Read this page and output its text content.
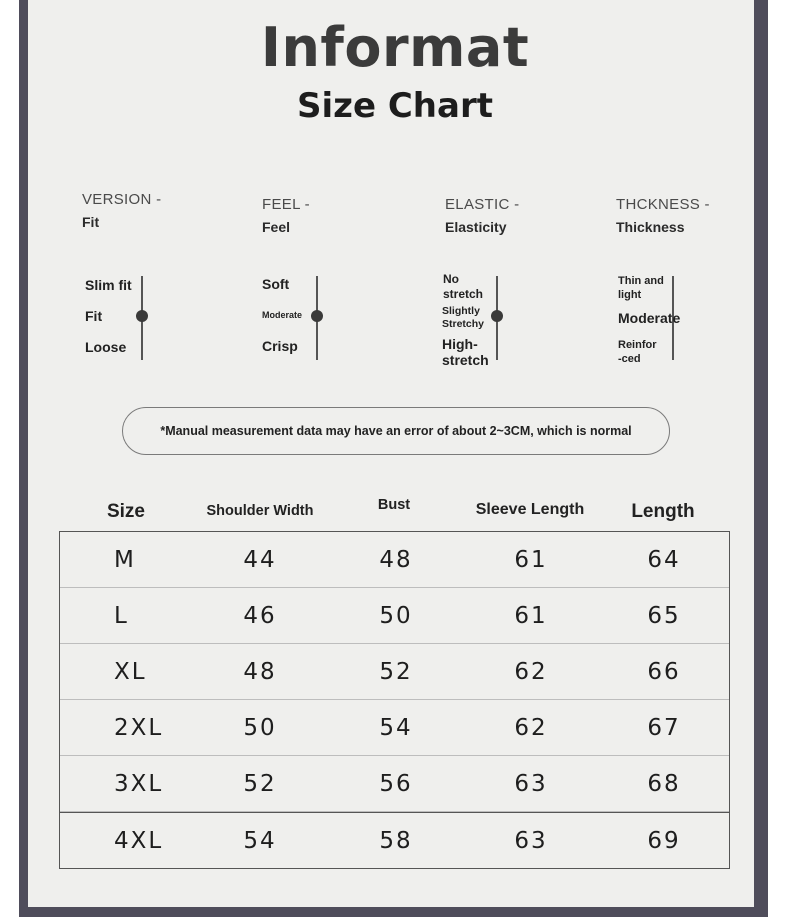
Informat
Size Chart
VERSION -
Fit
Slim fit
Fit
Loose
FEEL -
Feel
Soft
Moderate
Crisp
ELASTIC -
Elasticity
No stretch
Slightly Stretchy
High-stretch
THCKNESS -
Thickness
Thin and light
Moderate
Reinfor-ced
*Manual measurement data may have an error of about 2~3CM, which is normal
Size	Shoulder Width	Bust	Sleeve Length	Length
M	44	48	61	64
L	46	50	61	65
XL	48	52	62	66
2XL	50	54	62	67
3XL	52	56	63	68
4XL	54	58	63	69
